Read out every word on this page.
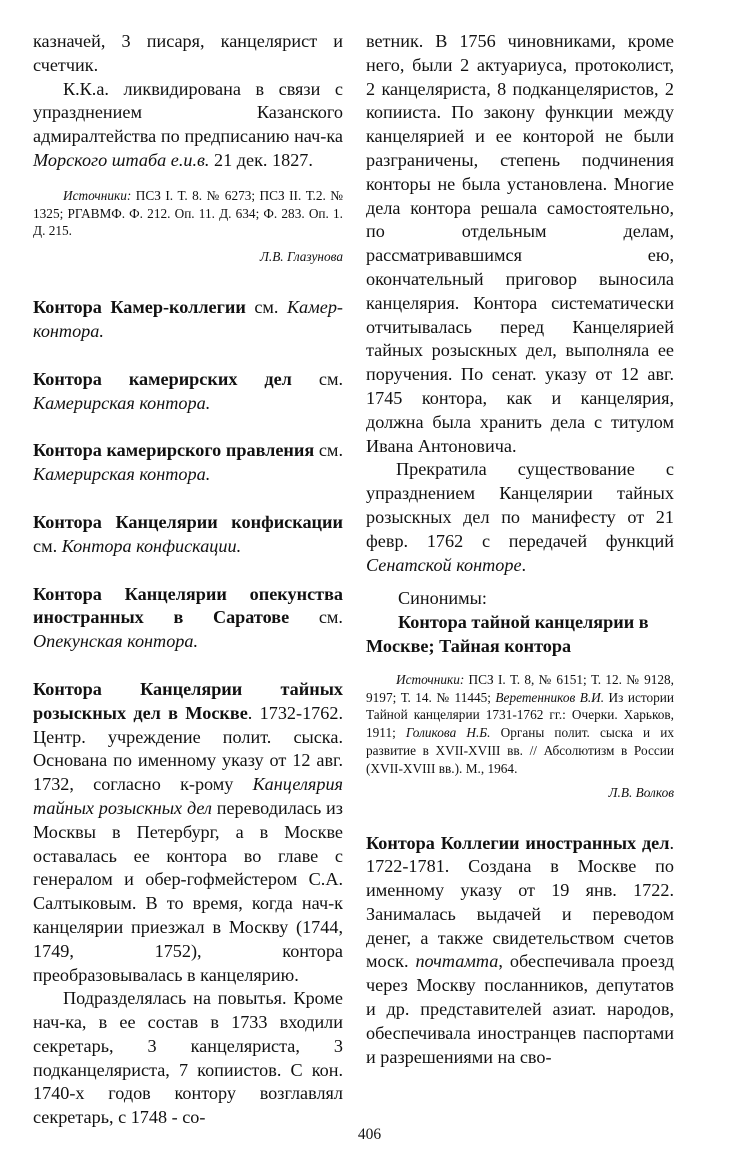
казначей, 3 писаря, канцелярист и счетчик.

К.К.а. ликвидирована в связи с упразднением Казанского адмиралтейства по предписанию нач-ка Морского штаба е.и.в. 21 дек. 1827.

Источники: ПСЗ I. Т. 8. № 6273; ПСЗ II. Т.2. № 1325; РГАВМФ. Ф. 212. Оп. 11. Д. 634; Ф. 283. Оп. 1. Д. 215.

Л.В. Глазунова

Контора Камер-коллегии см. Камер-контора.

Контора камерирских дел см. Камерирская контора.

Контора камерирского правления см. Камерирская контора.

Контора Канцелярии конфискации см. Контора конфискации.

Контора Канцелярии опекунства иностранных в Саратове см. Опекунская контора.

Контора Канцелярии тайных розыскных дел в Москве. 1732-1762. Центр. учреждение полит. сыска. Основана по именному указу от 12 авг. 1732, согласно к-рому Канцелярия тайных розыскных дел переводилась из Москвы в Петербург, а в Москве оставалась ее контора во главе с генералом и обер-гофмейстером С.А. Салтыковым. В то время, когда нач-к канцелярии приезжал в Москву (1744, 1749, 1752), контора преобразовывалась в канцелярию.

Подразделялась на повытья. Кроме нач-ка, в ее состав в 1733 входили секретарь, 3 канцеляриста, 3 подканцеляриста, 7 копиистов. С кон. 1740-х годов контору возглавлял секретарь, с 1748 - со-

ветник. В 1756 чиновниками, кроме него, были 2 актуариуса, протоколист, 2 канцеляриста, 8 подканцеляристов, 2 копииста. По закону функции между канцелярией и ее конторой не были разграничены, степень подчинения конторы не была установлена. Многие дела контора решала самостоятельно, по отдельным делам, рассматривавшимся ею, окончательный приговор выносила канцелярия. Контора систематически отчитывалась перед Канцелярией тайных розыскных дел, выполняла ее поручения. По сенат. указу от 12 авг. 1745 контора, как и канцелярия, должна была хранить дела с титулом Ивана Антоновича.

Прекратила существование с упразднением Канцелярии тайных розыскных дел по манифесту от 21 февр. 1762 с передачей функций Сенатской конторе.

Синонимы:

Контора тайной канцелярии в Москве; Тайная контора

Источники: ПСЗ I. Т. 8, № 6151; Т. 12. № 9128, 9197; Т. 14. № 11445; Веретенников В.И. Из истории Тайной канцелярии 1731-1762 гг.: Очерки. Харьков, 1911; Голикова Н.Б. Органы полит. сыска и их развитие в XVII-XVIII вв. // Абсолютизм в России (XVII-XVIII вв.). М., 1964.

Л.В. Волков

Контора Коллегии иностранных дел. 1722-1781. Создана в Москве по именному указу от 19 янв. 1722. Занималась выдачей и переводом денег, а также свидетельством счетов моск. почтамта, обеспечивала проезд через Москву посланников, депутатов и др. представителей азиат. народов, обеспечивала иностранцев паспортами и разрешениями на сво-

406
